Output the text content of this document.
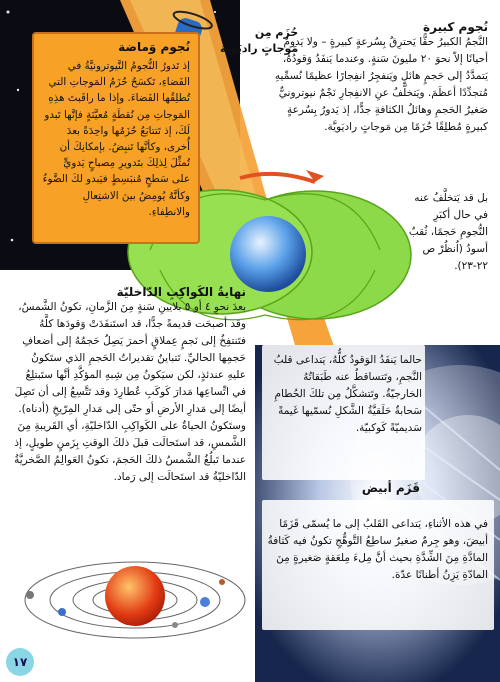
نُجوم وَماضة
إذ تَدورُ النُّجومُ النَّيوترونيَّةُ في الفَضاءِ، تَكسَحُ حُزَمُ المَوجاتِ التي تُطلِقُها الفَضاءَ. وإذا ما راقَبتَ هذِهِ المَوجاتِ مِن نُقطَةٍ مُعيَّنَةٍ فإنَّها تَبدو لَكَ، إذ تَتتابَعُ حُزَمُها واحِدَةً بعدَ أُخرى، وكأنَّها تَنبِضُ. بإمكانِكَ أن تُمثِّلَ لِذلِكَ بتَدويرِ مِصباحٍ يَدويٍّ على سَطحٍ مُنبَسِطٍ فيَبدو لكَ الضَّوءُ وكأنَّهُ يُومِضُ بينَ الاشتِعالِ والانطِفاءِ.
حُزَم مِن
مَوجاتٍ راديَويَّة
نُجوم كبيرة
النَّجمُ الكبيرُ حقًّا يَحترِقُ بِسُرعةٍ كبيرةٍ – ولا يَدومُ أحيانًا إلاّ نحوَ ٢٠ مليونَ سَنةٍ. وعندما يَنفَدُ وَقودُهُ، يَتمدَّدُ إلى حَجمٍ هائلٍ ويَنفجِرُ انفِجارًا عظيمًا نُسمِّيهِ مُتجدِّدًا أعظَمَ. ويَتخلَّفُ عنِ الانفِجارِ نَجْمٌ نيوترونيٌّ صَغيرُ الحَجمِ وهائلُ الكثافةِ جدًّا، إذ يَدورُ بِسُرعةٍ كبيرةٍ مُطلِقًا حُزَمًا مِن مَوجاتٍ راديَويَّة.
بل قد يَتخلَّفُ عنه في حال أكبَرِ النُّجومِ حَجمًا، ثُقبٌ أسودُ (اُنظُرْ ص ٢٢-٢٣).
نهايةُ الكَواكِبِ الدّاخليّة
بعدَ نحوِ ٤ أو ٥ بلايينِ سَنةٍ مِنَ الزَّمانِ، تكونُ الشَّمسُ، وقد أصبحَت قديمةً جدًّا، قد استَنفَدَتْ وَقودَها كلَّهُ فتَنتفِخُ إلى نَجمٍ عِملاقٍ أحمرَ يَصِلُ حَجمُهُ إلى أضعافِ حَجمِها الحاليِّ. تَتباينُ تقديراتُ الحَجمِ الذي ستَكونُ عليهِ عندئذٍ، لكن سيَكونُ مِن شِبهِ المؤكَّدِ أنَّها ستَبتلِعُ في اتِّساعِها مَدارَ كَوكَبِ عُطارِدَ وقد تَتَّسِعُ إلى أن تَصِلَ أيضًا إلى مَدارِ الأرضِ أو حتّى إلى مَدارِ المِرّيخِ (أدناه). وستَكونُ الحياةُ على الكَواكِبِ الدّاخليّةِ، أي القَريبةِ مِنَ الشَّمسِ، قد استَحالَت قبلَ ذلكَ الوقتِ بِزَمنٍ طويلٍ، إذ عندما تَبلُغُ الشَّمسُ ذلكَ الحَجمَ، تكونُ العَوالِمُ الصَّخريَّةُ الدّاخليّةُ قد استَحالَت إلى رَماد.
حالما يَنفَدُ الوَقودُ كلُّهُ، يَتداعى قلبُ النَّجمِ، وتَتساقطُ عنه طَبَقاتُهُ الخارجيّةُ. وتَتشكَّلُ مِن تلكَ الحُطامِ سَحابةٌ حَلَقيَّةُ الشَّكلِ نُسمّيها غَيمةً سَديميّةً كَوكبيّة.
قَزَم أبيض
في هذه الأثناءِ، يَتداعى القَلبُ إلى ما يُسمّى قَزَمًا أبيضَ، وهو جِرمٌ صغيرٌ ساطِعُ التَّوهُّجِ تكونُ فيه كَثافةُ المادَّةِ مِنَ الشِّدَّةِ بحيث أنَّ مِلءَ مِلعَقةٍ صَغيرةٍ مِنَ المادّةِ يَزِنُ أطنانًا عدّة.
١٧
